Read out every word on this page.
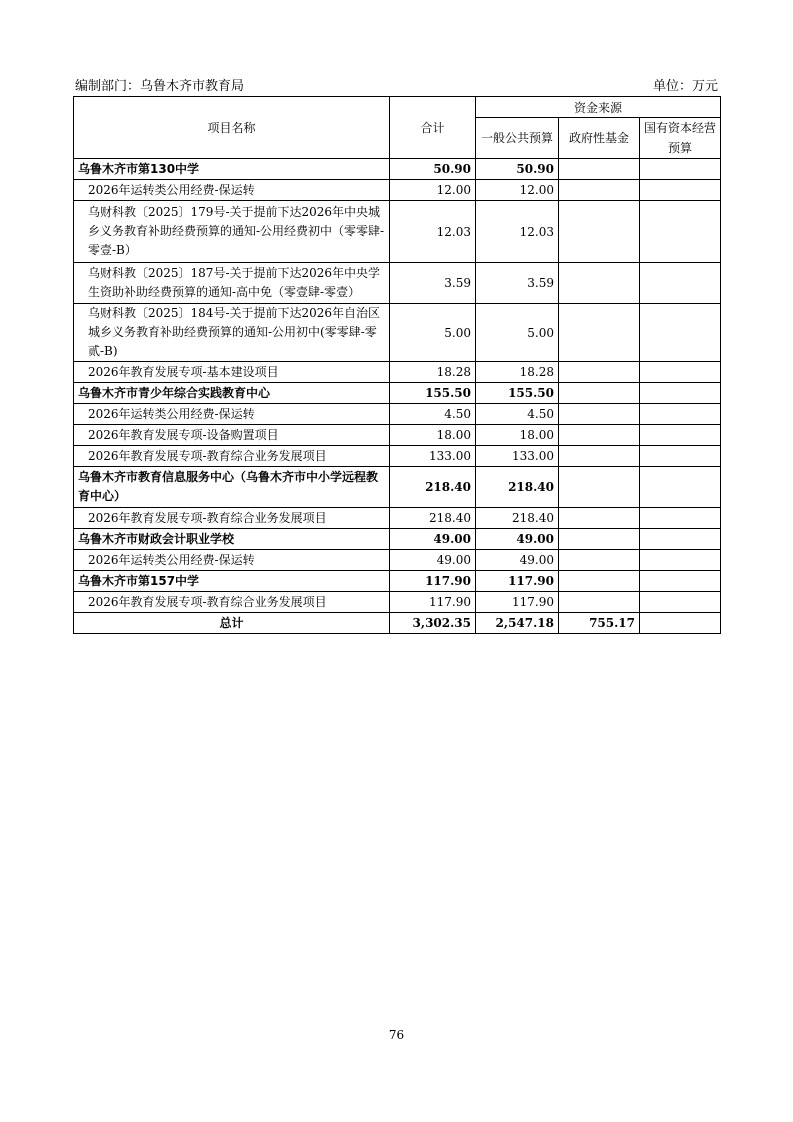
编制部门：乌鲁木齐市教育局	单位：万元
项目名称	合计	资金来源		
		一般公共预算	政府性基金	国有资本经营预算
乌鲁木齐市第130中学	50.90	50.90		
2026年运转类公用经费-保运转	12.00	12.00		
乌财科教〔2025〕179号-关于提前下达2026年中央城乡义务教育补助经费预算的通知-公用经费初中（零零肆-零壹-B）	12.03	12.03		
乌财科教〔2025〕187号-关于提前下达2026年中央学生资助补助经费预算的通知-高中免（零壹肆-零壹）	3.59	3.59		
乌财科教〔2025〕184号-关于提前下达2026年自治区城乡义务教育补助经费预算的通知-公用初中(零零肆-零贰-B)	5.00	5.00		
2026年教育发展专项-基本建设项目	18.28	18.28		
乌鲁木齐市青少年综合实践教育中心	155.50	155.50		
2026年运转类公用经费-保运转	4.50	4.50		
2026年教育发展专项-设备购置项目	18.00	18.00		
2026年教育发展专项-教育综合业务发展项目	133.00	133.00		
乌鲁木齐市教育信息服务中心（乌鲁木齐市中小学远程教育中心）	218.40	218.40		
2026年教育发展专项-教育综合业务发展项目	218.40	218.40		
乌鲁木齐市财政会计职业学校	49.00	49.00		
2026年运转类公用经费-保运转	49.00	49.00		
乌鲁木齐市第157中学	117.90	117.90		
2026年教育发展专项-教育综合业务发展项目	117.90	117.90		
总计	3,302.35	2,547.18	755.17	
76
